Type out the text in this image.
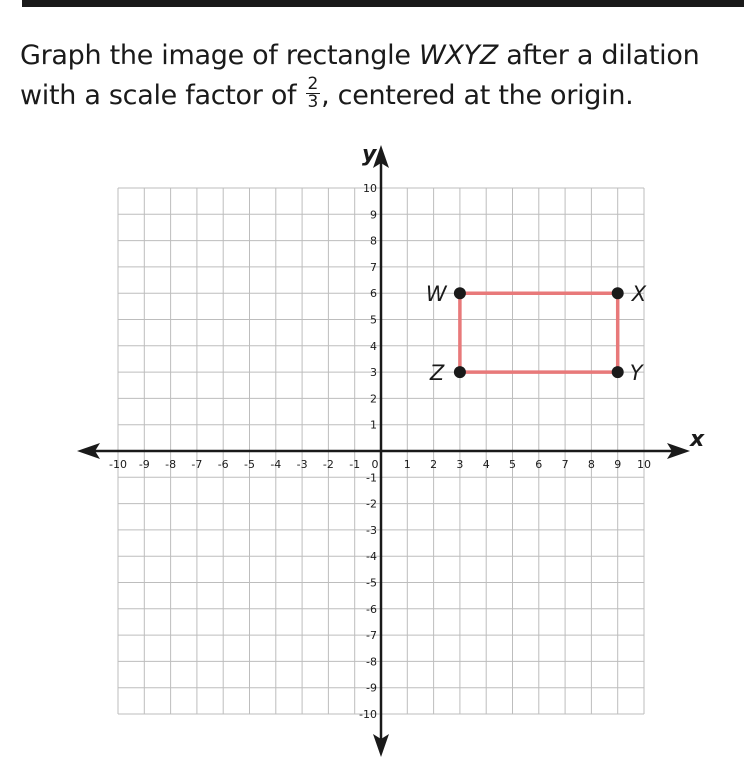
Graph the image of rectangle WXYZ after a dilation
with a scale factor of $\frac{2}{3}$ , centered at the origin.
x
y
-10 -9 -8 -7 -6 -5 -4 -3 -2 -1	1 2 3 4 5 6 7 8 9 10
10
9
8
7
6
5
4
3
2
1
-1
-2
-3
-4
-5
-6
-7
-8
-9
-10
0
W	X
Y
Z
